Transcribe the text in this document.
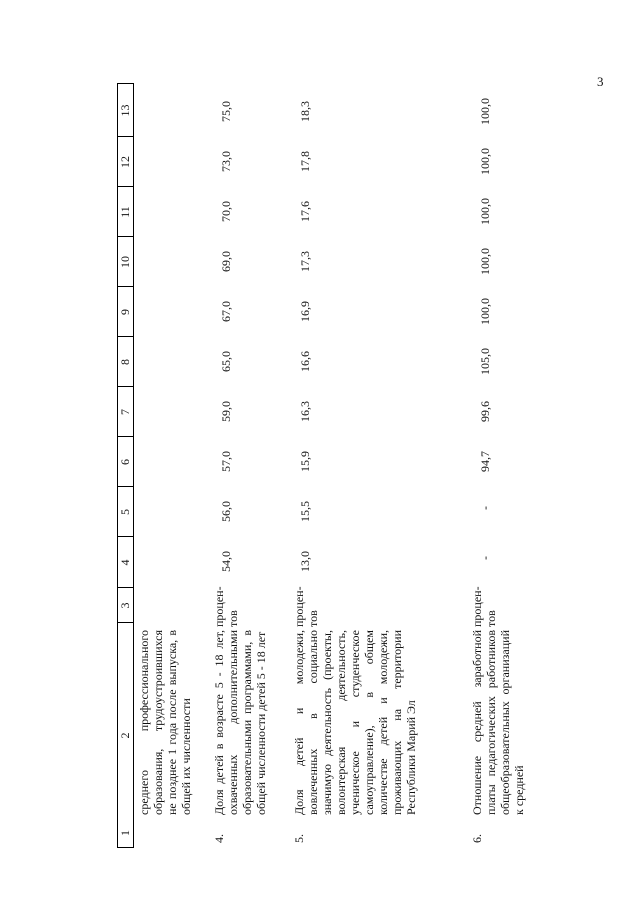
3
1
2
3
4
5
6
7
8
9
10
11
12
13
среднего профессионального образования, трудоустроившихся не позднее 1 года после выпуска, в общей их численности
4.
Доля детей в возрасте 5 - 18 лет, охваченных дополнительными образовательными программами, в общей численности детей 5 - 18 лет
процен-тов
54,0
56,0
57,0
59,0
65,0
67,0
69,0
70,0
73,0
75,0
5.
Доля детей и молодежи, вовлеченных в социально значимую деятельность (проекты, волонтерская деятельность, ученическое и студенческое самоуправление), в общем количестве детей и молодежи, проживающих на территории Республики Марий Эл
процен-тов
13,0
15,5
15,9
16,3
16,6
16,9
17,3
17,6
17,8
18,3
6.
Отношение средней заработной платы педагогических работников общеобразовательных организаций к средней
процен-тов
-
-
94,7
99,6
105,0
100,0
100,0
100,0
100,0
100,0
